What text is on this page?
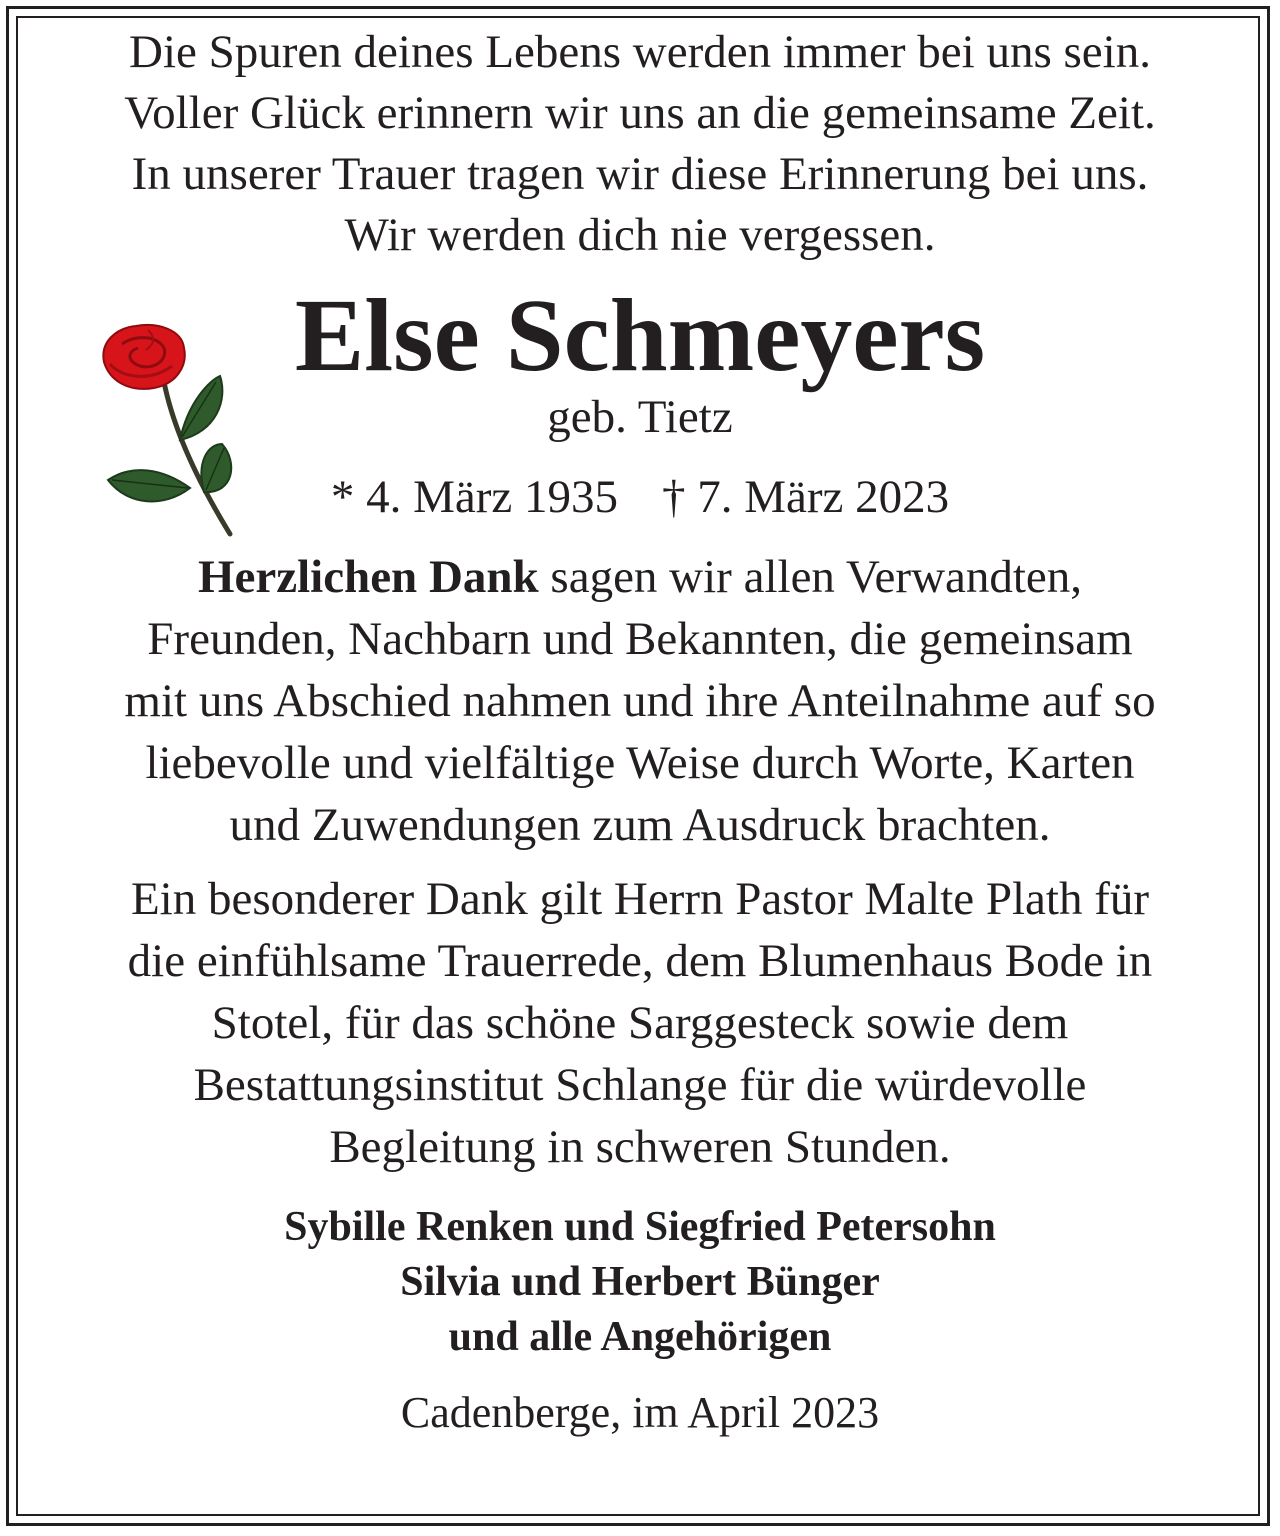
Die Spuren deines Lebens werden immer bei uns sein.
Voller Glück erinnern wir uns an die gemeinsame Zeit.
In unserer Trauer tragen wir diese Erinnerung bei uns.
Wir werden dich nie vergessen.
Else Schmeyers
geb. Tietz
* 4. März 1935 † 7. März 2023
Herzlichen Dank sagen wir allen Verwandten,
Freunden, Nachbarn und Bekannten, die gemeinsam
mit uns Abschied nahmen und ihre Anteilnahme auf so
liebevolle und vielfältige Weise durch Worte, Karten
und Zuwendungen zum Ausdruck brachten.
Ein besonderer Dank gilt Herrn Pastor Malte Plath für
die einfühlsame Trauerrede, dem Blumenhaus Bode in
Stotel, für das schöne Sarggesteck sowie dem
Bestattungsinstitut Schlange für die würdevolle
Begleitung in schweren Stunden.
Sybille Renken und Siegfried Petersohn
Silvia und Herbert Bünger
und alle Angehörigen
Cadenberge, im April 2023
